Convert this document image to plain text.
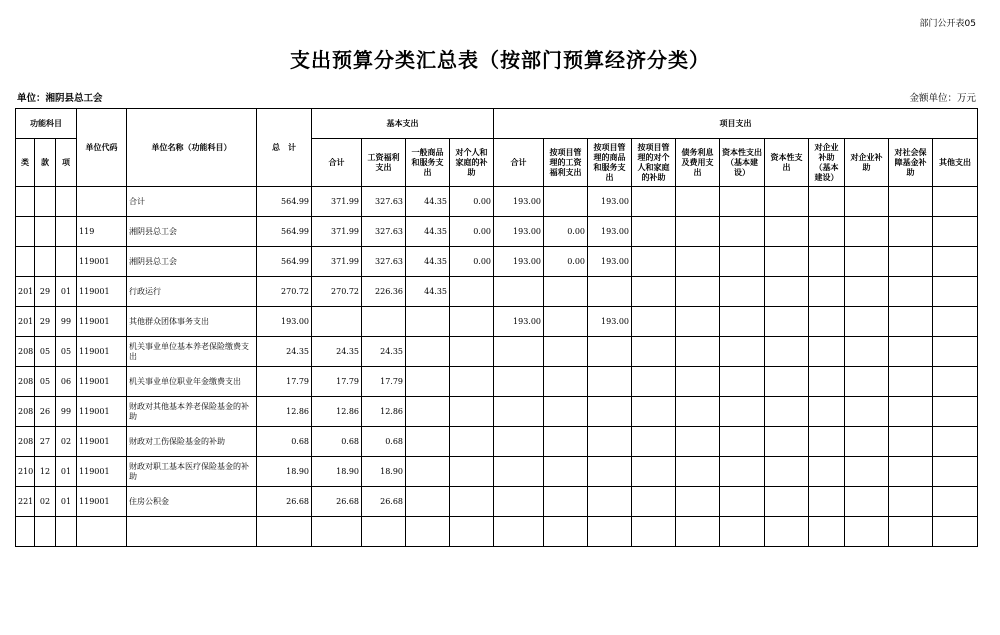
部门公开表05
支出预算分类汇总表（按部门预算经济分类）
单位：湘阴县总工会	金额单位：万元
功能科目			单位代码	单位名称（功能科目）	总　计	基本支出				项目支出										
类	款	项				合计	工资福利支出	一般商品和服务支出	对个人和家庭的补助	合计	按项目管理的工资福利支出	按项目管理的商品和服务支出	按项目管理的对个人和家庭的补助	债务利息及费用支出	资本性支出（基本建设）	资本性支出	对企业补助（基本建设）	对企业补助	对社会保障基金补助	其他支出
				合计	564.99	371.99	327.63	44.35	0.00	193.00		193.00								
			119	湘阴县总工会	564.99	371.99	327.63	44.35	0.00	193.00	0.00	193.00								
			119001	湘阴县总工会	564.99	371.99	327.63	44.35	0.00	193.00	0.00	193.00								
201	29	01	119001	行政运行	270.72	270.72	226.36	44.35												
201	29	99	119001	其他群众团体事务支出	193.00					193.00		193.00								
208	05	05	119001	机关事业单位基本养老保险缴费支出	24.35	24.35	24.35													
208	05	06	119001	机关事业单位职业年金缴费支出	17.79	17.79	17.79													
208	26	99	119001	财政对其他基本养老保险基金的补助	12.86	12.86	12.86													
208	27	02	119001	财政对工伤保险基金的补助	0.68	0.68	0.68													
210	12	01	119001	财政对职工基本医疗保险基金的补助	18.90	18.90	18.90													
221	02	01	119001	住房公积金	26.68	26.68	26.68													
